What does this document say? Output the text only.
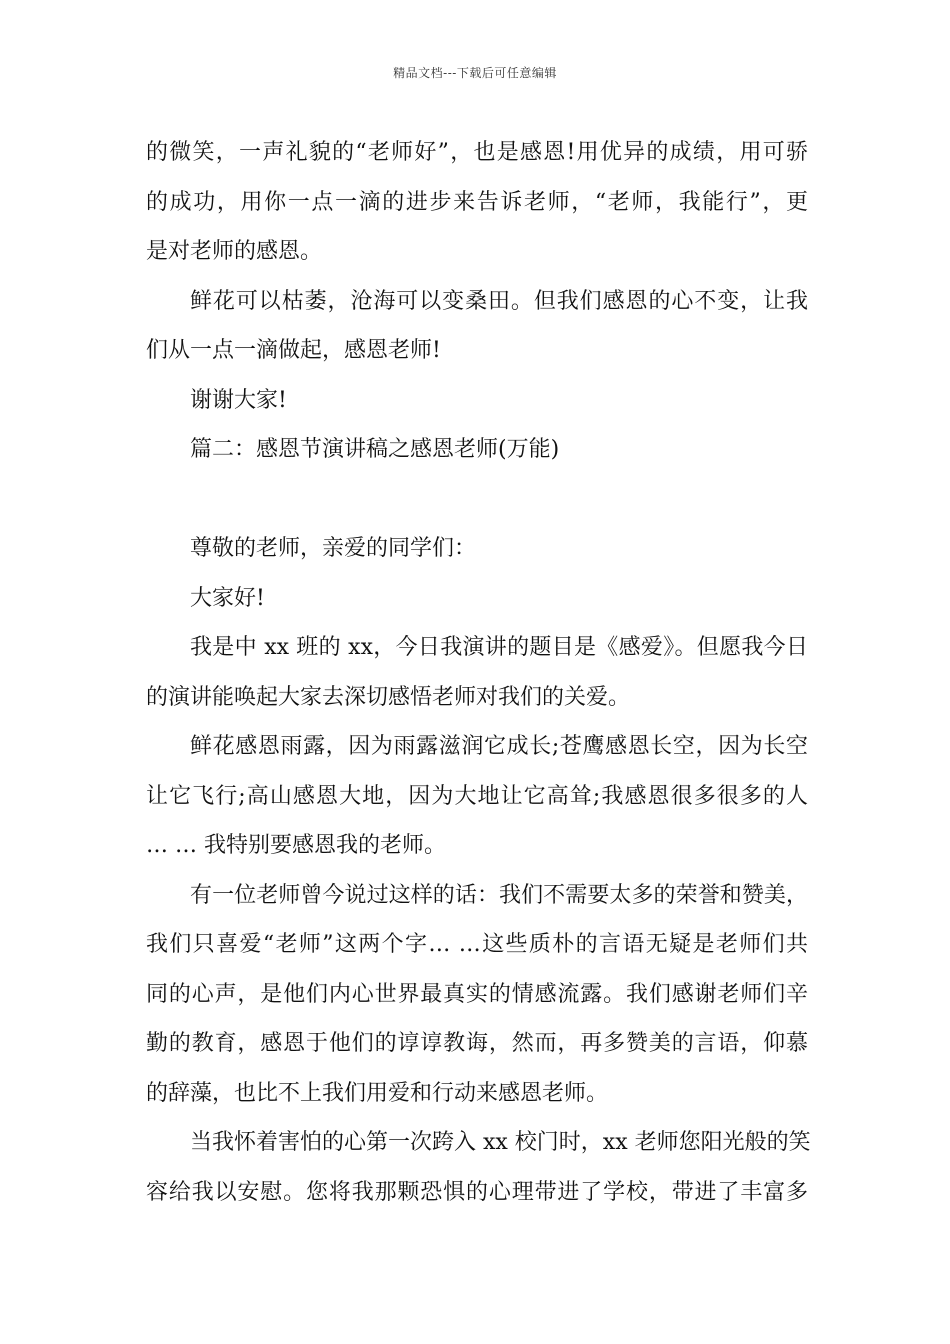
精品文档---下载后可任意编辑
的微笑，一声礼貌的“老师好”，也是感恩!用优异的成绩，用可骄
的成功，用你一点一滴的进步来告诉老师，“老师，我能行”，更
是对老师的感恩。
鲜花可以枯萎，沧海可以变桑田。但我们感恩的心不变，让我
们从一点一滴做起，感恩老师!
谢谢大家!
篇二：感恩节演讲稿之感恩老师(万能)
尊敬的老师，亲爱的同学们：
大家好!
我是中 xx 班的 xx，今日我演讲的题目是《感爱》。但愿我今日
的演讲能唤起大家去深切感悟老师对我们的关爱。
鲜花感恩雨露，因为雨露滋润它成长;苍鹰感恩长空，因为长空
让它飞行;高山感恩大地，因为大地让它高耸;我感恩很多很多的人
… … 我特别要感恩我的老师。
有一位老师曾今说过这样的话：我们不需要太多的荣誉和赞美，
我们只喜爱“老师”这两个字… …这些质朴的言语无疑是老师们共
同的心声，是他们内心世界最真实的情感流露。我们感谢老师们辛
勤的教育，感恩于他们的谆谆教诲，然而，再多赞美的言语，仰慕
的辞藻，也比不上我们用爱和行动来感恩老师。
当我怀着害怕的心第一次跨入 xx 校门时，xx 老师您阳光般的笑
容给我以安慰。您将我那颗恐惧的心理带进了学校，带进了丰富多
